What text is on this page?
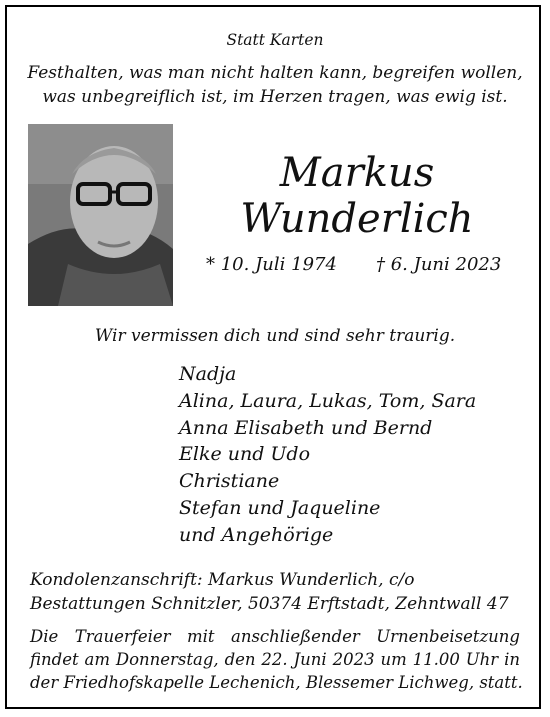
Statt Karten
Festhalten, was man nicht halten kann, begreifen wollen,
was unbegreiflich ist, im Herzen tragen, was ewig ist.
Markus
Wunderlich
* 10. Juli 1974 † 6. Juni 2023
Wir vermissen dich und sind sehr traurig.
Nadja
Alina, Laura, Lukas, Tom, Sara
Anna Elisabeth und Bernd
Elke und Udo
Christiane
Stefan und Jaqueline
und Angehörige
Kondolenzanschrift: Markus Wunderlich, c/o
Bestattungen Schnitzler, 50374 Erftstadt, Zehntwall 47
Die Trauerfeier mit anschließender Urnenbeisetzung
findet am Donnerstag, den 22. Juni 2023 um 11.00 Uhr in
der Friedhofskapelle Lechenich, Blessemer Lichweg, statt.
